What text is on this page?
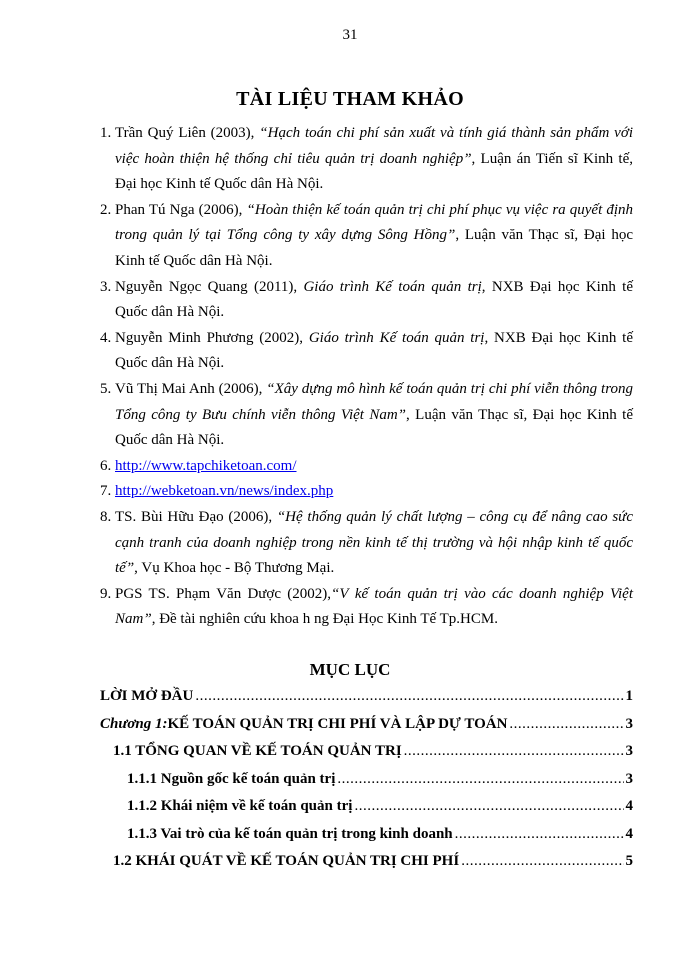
31
TÀI LIỆU THAM KHẢO
1. Trần Quý Liên (2003), “Hạch toán chi phí sản xuất và tính giá thành sản phẩm với việc hoàn thiện hệ thống chỉ tiêu quản trị doanh nghiệp”, Luận án Tiến sĩ Kinh tế, Đại học Kinh tế Quốc dân Hà Nội.
2. Phan Tú Nga (2006), “Hoàn thiện kế toán quản trị chi phí phục vụ việc ra quyết định trong quản lý tại Tổng công ty xây dựng Sông Hồng”, Luận văn Thạc sĩ, Đại học Kinh tế Quốc dân Hà Nội.
3. Nguyễn Ngọc Quang (2011), Giáo trình Kế toán quản trị, NXB Đại học Kinh tế Quốc dân Hà Nội.
4. Nguyễn Minh Phương (2002), Giáo trình Kế toán quản trị, NXB Đại học Kinh tế Quốc dân Hà Nội.
5. Vũ Thị Mai Anh (2006), “Xây dựng mô hình kế toán quản trị chi phí viễn thông trong Tổng công ty Bưu chính viễn thông Việt Nam”, Luận văn Thạc sĩ, Đại học Kinh tế Quốc dân Hà Nội.
6. http://www.tapchiketoan.com/
7. http://webketoan.vn/news/index.php
8. TS. Bùi Hữu Đạo (2006), “Hệ thống quản lý chất lượng – công cụ để nâng cao sức cạnh tranh của doanh nghiệp trong nền kinh tế thị trường và hội nhập kinh tế quốc tế”, Vụ Khoa học - Bộ Thương Mại.
9. PGS TS. Phạm Văn Dược (2002),“V kế toán quản trị vào các doanh nghiệp Việt Nam”, Đề tài nghiên cứu khoa h ng Đại Học Kinh Tế Tp.HCM.
MỤC LỤC
LỜI MỞ ĐẦU .....	1
Chương 1:KẾ TOÁN QUẢN TRỊ CHI PHÍ VÀ LẬP DỰ TOÁN .....	3
1.1 TỔNG QUAN VỀ KẾ TOÁN QUẢN TRỊ .....	3
1.1.1 Nguồn gốc kế toán quản trị .....	3
1.1.2 Khái niệm về kế toán quản trị .....	4
1.1.3 Vai trò của kế toán quản trị trong kinh doanh .....	4
1.2 KHÁI QUÁT VỀ KẾ TOÁN QUẢN TRỊ CHI PHÍ .....	5
